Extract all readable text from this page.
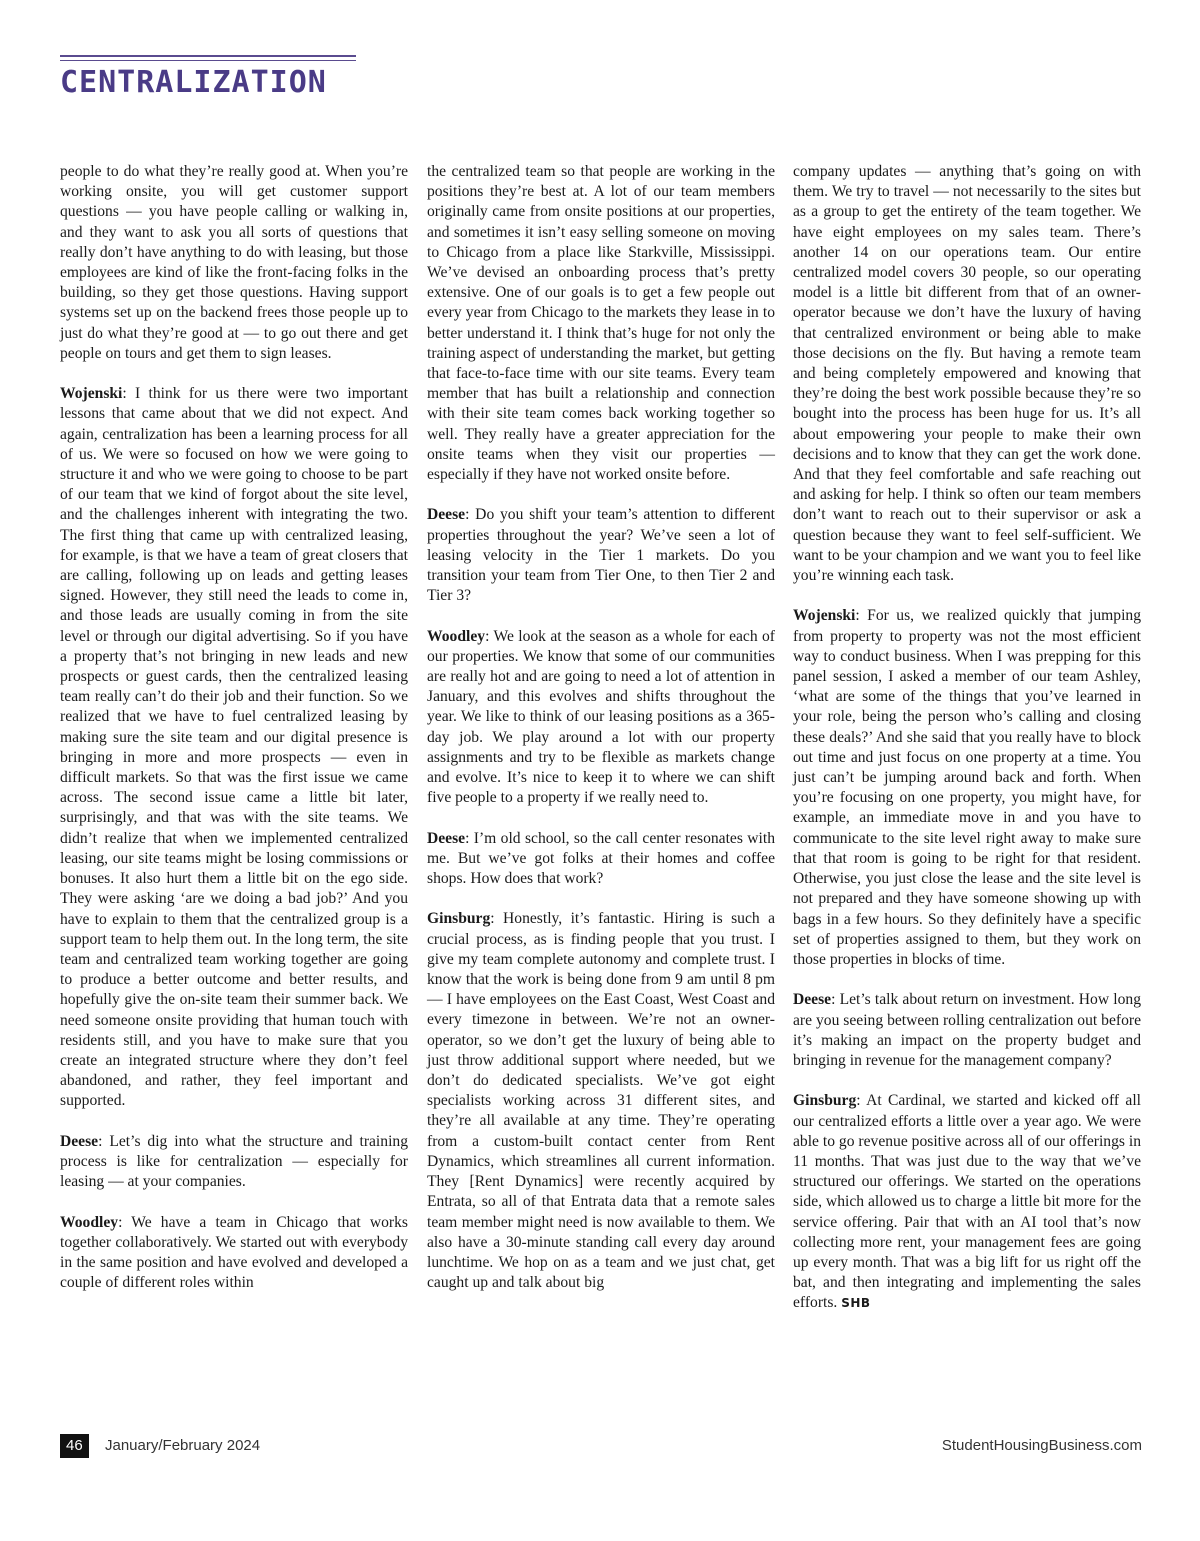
CENTRALIZATION

people to do what they’re really good at. When you’re working onsite, you will get customer support questions — you have people calling or walking in, and they want to ask you all sorts of questions that really don’t have anything to do with leasing, but those employees are kind of like the front-facing folks in the building, so they get those questions. Having support systems set up on the backend frees those people up to just do what they’re good at — to go out there and get people on tours and get them to sign leases.

Wojenski: I think for us there were two important lessons that came about that we did not expect. And again, centralization has been a learning process for all of us. We were so focused on how we were going to structure it and who we were going to choose to be part of our team that we kind of forgot about the site level, and the challenges inherent with integrating the two. The first thing that came up with centralized leasing, for example, is that we have a team of great closers that are calling, following up on leads and getting leases signed. However, they still need the leads to come in, and those leads are usually coming in from the site level or through our digital advertising. So if you have a property that’s not bringing in new leads and new prospects or guest cards, then the centralized leasing team really can’t do their job and their function. So we realized that we have to fuel centralized leasing by making sure the site team and our digital presence is bringing in more and more prospects — even in difficult markets. So that was the first issue we came across. The second issue came a little bit later, surprisingly, and that was with the site teams. We didn’t realize that when we implemented centralized leasing, our site teams might be losing commissions or bonuses. It also hurt them a little bit on the ego side. They were asking ‘are we doing a bad job?’ And you have to explain to them that the centralized group is a support team to help them out. In the long term, the site team and centralized team working together are going to produce a better outcome and better results, and hopefully give the on-site team their summer back. We need someone onsite providing that human touch with residents still, and you have to make sure that you create an integrated structure where they don’t feel abandoned, and rather, they feel important and supported.

Deese: Let’s dig into what the structure and training process is like for centralization — especially for leasing — at your companies.

Woodley: We have a team in Chicago that works together collaboratively. We started out with everybody in the same position and have evolved and developed a couple of different roles within

the centralized team so that people are working in the positions they’re best at. A lot of our team members originally came from onsite positions at our properties, and sometimes it isn’t easy selling someone on moving to Chicago from a place like Starkville, Mississippi. We’ve devised an onboarding process that’s pretty extensive. One of our goals is to get a few people out every year from Chicago to the markets they lease in to better understand it. I think that’s huge for not only the training aspect of understanding the market, but getting that face-to-face time with our site teams. Every team member that has built a relationship and connection with their site team comes back working together so well. They really have a greater appreciation for the onsite teams when they visit our properties — especially if they have not worked onsite before.

Deese: Do you shift your team’s attention to different properties throughout the year? We’ve seen a lot of leasing velocity in the Tier 1 markets. Do you transition your team from Tier One, to then Tier 2 and Tier 3?

Woodley: We look at the season as a whole for each of our properties. We know that some of our communities are really hot and are going to need a lot of attention in January, and this evolves and shifts throughout the year. We like to think of our leasing positions as a 365-day job. We play around a lot with our property assignments and try to be flexible as markets change and evolve. It’s nice to keep it to where we can shift five people to a property if we really need to.

Deese: I’m old school, so the call center resonates with me. But we’ve got folks at their homes and coffee shops. How does that work?

Ginsburg: Honestly, it’s fantastic. Hiring is such a crucial process, as is finding people that you trust. I give my team complete autonomy and complete trust. I know that the work is being done from 9 am until 8 pm — I have employees on the East Coast, West Coast and every timezone in between. We’re not an owner-operator, so we don’t get the luxury of being able to just throw additional support where needed, but we don’t do dedicated specialists. We’ve got eight specialists working across 31 different sites, and they’re all available at any time. They’re operating from a custom-built contact center from Rent Dynamics, which streamlines all current information. They [Rent Dynamics] were recently acquired by Entrata, so all of that Entrata data that a remote sales team member might need is now available to them. We also have a 30-minute standing call every day around lunchtime. We hop on as a team and we just chat, get caught up and talk about big

company updates — anything that’s going on with them. We try to travel — not necessarily to the sites but as a group to get the entirety of the team together. We have eight employees on my sales team. There’s another 14 on our operations team. Our entire centralized model covers 30 people, so our operating model is a little bit different from that of an owner-operator because we don’t have the luxury of having that centralized environment or being able to make those decisions on the fly. But having a remote team and being completely empowered and knowing that they’re doing the best work possible because they’re so bought into the process has been huge for us. It’s all about empowering your people to make their own decisions and to know that they can get the work done. And that they feel comfortable and safe reaching out and asking for help. I think so often our team members don’t want to reach out to their supervisor or ask a question because they want to feel self-sufficient. We want to be your champion and we want you to feel like you’re winning each task.

Wojenski: For us, we realized quickly that jumping from property to property was not the most efficient way to conduct business. When I was prepping for this panel session, I asked a member of our team Ashley, ‘what are some of the things that you’ve learned in your role, being the person who’s calling and closing these deals?’ And she said that you really have to block out time and just focus on one property at a time. You just can’t be jumping around back and forth. When you’re focusing on one property, you might have, for example, an immediate move in and you have to communicate to the site level right away to make sure that that room is going to be right for that resident. Otherwise, you just close the lease and the site level is not prepared and they have someone showing up with bags in a few hours. So they definitely have a specific set of properties assigned to them, but they work on those properties in blocks of time.

Deese: Let’s talk about return on investment. How long are you seeing between rolling centralization out before it’s making an impact on the property budget and bringing in revenue for the management company?

Ginsburg: At Cardinal, we started and kicked off all our centralized efforts a little over a year ago. We were able to go revenue positive across all of our offerings in 11 months. That was just due to the way that we’ve structured our offerings. We started on the operations side, which allowed us to charge a little bit more for the service offering. Pair that with an AI tool that’s now collecting more rent, your management fees are going up every month. That was a big lift for us right off the bat, and then integrating and implementing the sales efforts. SHB

46	January/February 2024	StudentHousingBusiness.com
